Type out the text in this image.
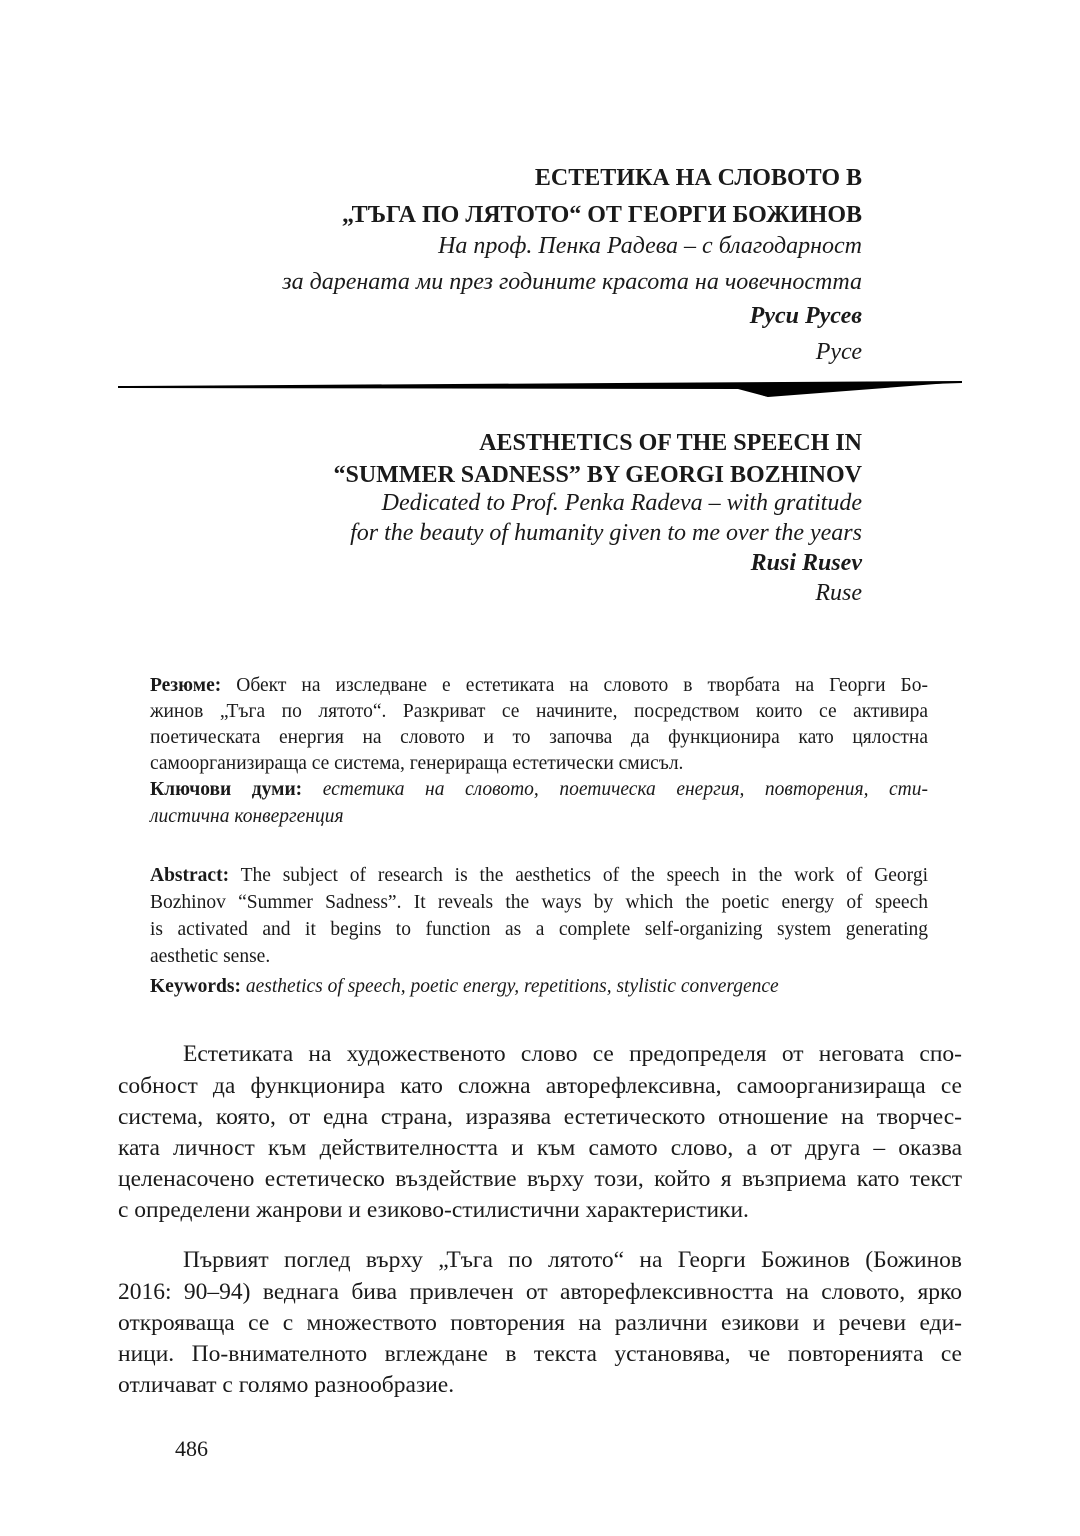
ЕСТЕТИКА НА СЛОВОТО В
„ТЪГА ПО ЛЯТОТО“ ОТ ГЕОРГИ БОЖИНОВ
На проф. Пенка Радева – с благодарност
за дарената ми през годините красота на човечността
Руси Русев
Русе
AESTHETICS OF THE SPEECH IN
“SUMMER SADNESS” BY GEORGI BOZHINOV
Dedicated to Prof. Penka Radeva – with gratitude
for the beauty of humanity given to me over the years
Rusi Rusev
Ruse
Резюме: Обект на изследване е естетиката на словото в творбата на Георги Бо-
жинов „Тъга по лятото“. Разкриват се начините, посредством които се активира
поетическата енергия на словото и то започва да функционира като цялостна
самоорганизираща се система, генерираща естетически смисъл.
Ключови думи: естетика на словото, поетическа енергия, повторения, сти-
листична конвергенция
Abstract: The subject of research is the aesthetics of the speech in the work of Georgi
Bozhinov “Summer Sadness”. It reveals the ways by which the poetic energy of speech
is activated and it begins to function as a complete self-organizing system generating
aesthetic sense.
Keywords: aesthetics of speech, poetic energy, repetitions, stylistic convergence
Естетиката на художественото слово се предопределя от неговата спо-
собност да функционира като сложна авторефлексивна, самоорганизираща се
система, която, от една страна, изразява естетическото отношение на творчес-
ката личност към действителността и към самото слово, а от друга – оказва
целенасочено естетическо въздействие върху този, който я възприема като текст
с определени жанрови и езиково-стилистични характеристики.
Първият поглед върху „Тъга по лятото“ на Георги Божинов (Божинов
2016: 90–94) веднага бива привлечен от авторефлексивността на словото, ярко
открояваща се с множеството повторения на различни езикови и речеви еди-
ници. По-внимателното вглеждане в текста установява, че повторенията се
отличават с голямо разнообразие.
486
